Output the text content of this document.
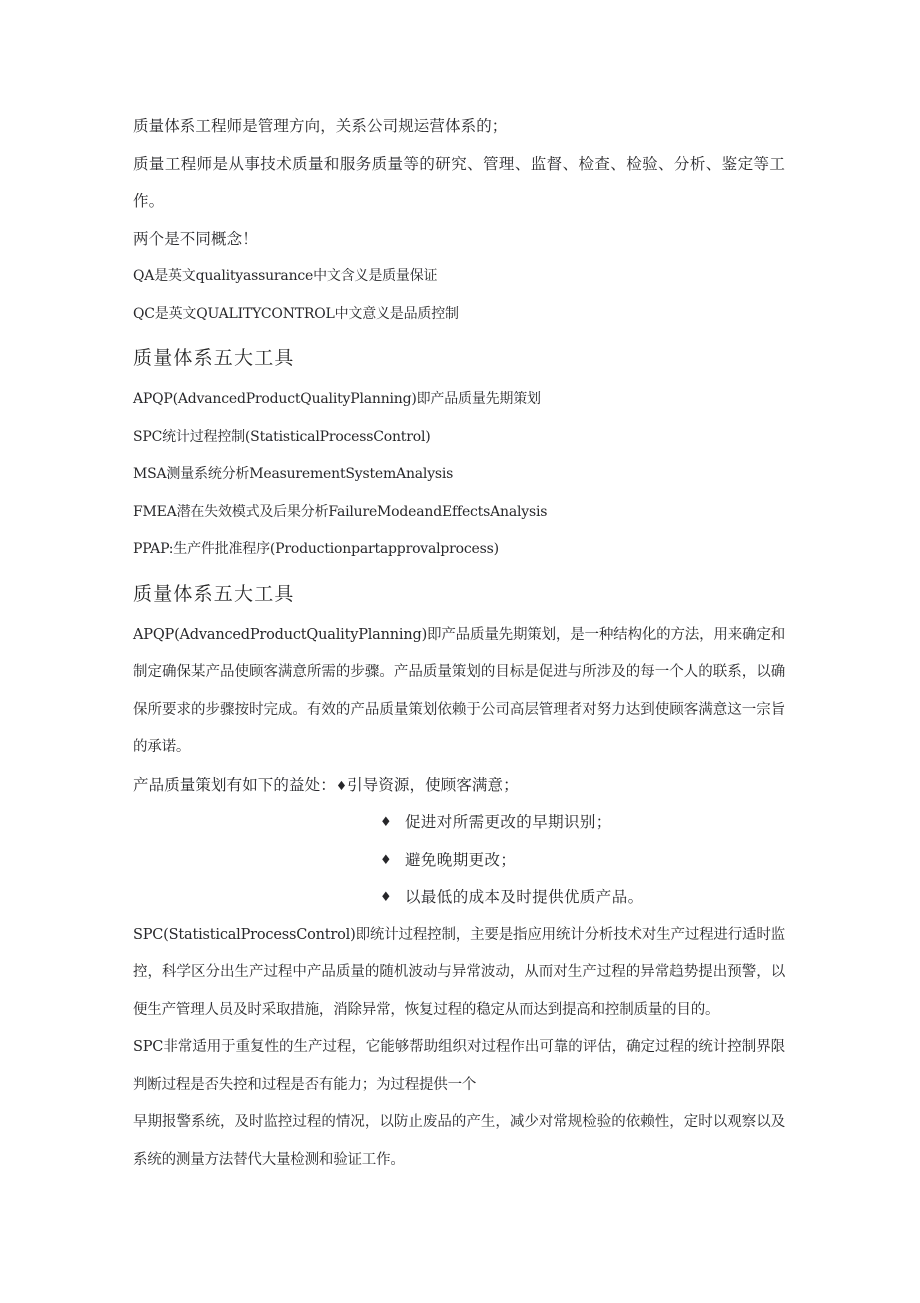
质量体系工程师是管理方向，关系公司规运营体系的；

质量工程师是从事技术质量和服务质量等的研究、管理、监督、检查、检验、分析、鉴定等工作。

两个是不同概念！

QA是英文qualityassurance中文含义是质量保证

QC是英文QUALITYCONTROL中文意义是品质控制

质量体系五大工具

APQP(AdvancedProductQualityPlanning)即产品质量先期策划

SPC统计过程控制(StatisticalProcessControl)

MSA测量系统分析MeasurementSystemAnalysis

FMEA潜在失效模式及后果分析FailureModeandEffectsAnalysis

PPAP:生产件批准程序(Productionpartapprovalprocess)

质量体系五大工具

APQP(AdvancedProductQualityPlanning)即产品质量先期策划，是一种结构化的方法，用来确定和制定确保某产品使顾客满意所需的步骤。产品质量策划的目标是促进与所涉及的每一个人的联系，以确保所要求的步骤按时完成。有效的产品质量策划依赖于公司高层管理者对努力达到使顾客满意这一宗旨的承诺。

产品质量策划有如下的益处：♦引导资源，使顾客满意；

♦ 促进对所需更改的早期识别；
♦ 避免晚期更改；
♦ 以最低的成本及时提供优质产品。

SPC(StatisticalProcessControl)即统计过程控制，主要是指应用统计分析技术对生产过程进行适时监控，科学区分出生产过程中产品质量的随机波动与异常波动，从而对生产过程的异常趋势提出预警，以便生产管理人员及时采取措施，消除异常，恢复过程的稳定从而达到提高和控制质量的目的。

SPC非常适用于重复性的生产过程，它能够帮助组织对过程作出可靠的评估，确定过程的统计控制界限判断过程是否失控和过程是否有能力；为过程提供一个

早期报警系统，及时监控过程的情况，以防止废品的产生，减少对常规检验的依赖性，定时以观察以及系统的测量方法替代大量检测和验证工作。
